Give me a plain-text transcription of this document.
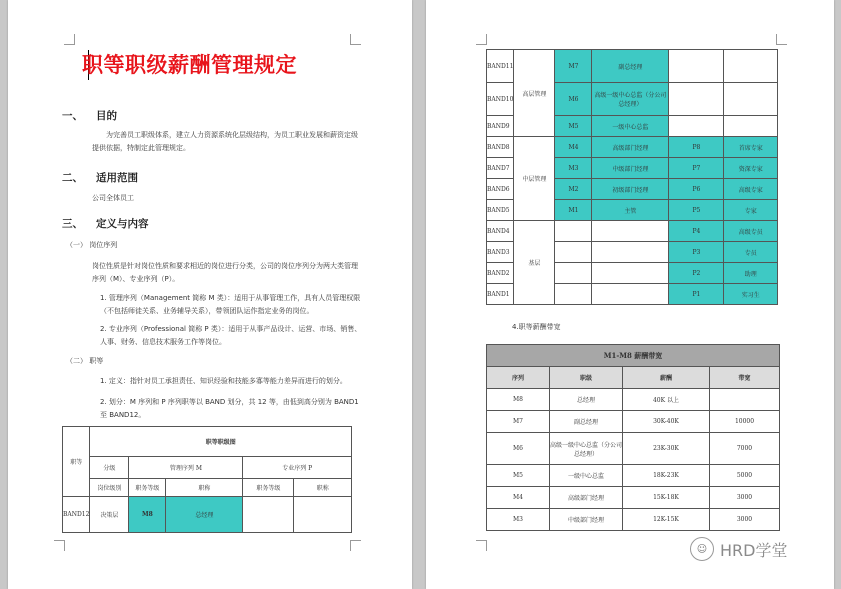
职等职级薪酬管理规定
一、 目的
为完善员工职级体系，建立人力资源系统化层级结构，为员工职业发展和薪资定级提供依据，特制定此管理规定。
二、 适用范围
公司全体员工
三、 定义与内容
（一） 岗位序列
岗位性质是针对岗位性质和要求相近的岗位进行分类，公司的岗位序列分为两大类管理序列（M）、专业序列（P）。
1. 管理序列（Management 简称 M 类）：适用于从事管理工作，具有人员管理权限（不包括师徒关系、业务辅导关系），带领团队运作指定业务的岗位。
2. 专业序列（Professional 简称 P 类）：适用于从事产品设计、运营、市场、销售、人事、财务、信息技术服务工作等岗位。
（二） 职等
1. 定义：指针对员工承担责任、知识经验和技能多寡等能力差异而进行的划分。
2. 划分：M 序列和 P 序列职等以 BAND 划分，共 12 等，由低到高分别为 BAND1 至 BAND12。
职等	职等职级图				
	分级	管理序列 M		专业序列 P	
	岗位级别	职务等级	职称	职务等级	职称
BAND12	决策层	M8	总经理		
BAND11	高层管理	M7	副总经理		
BAND10		M6	高级一级中心总监（分公司总经理）		
BAND9		M5	一级中心总监		
BAND8	中层管理	M4	高级部门经理	P8	首席专家
BAND7		M3	中级部门经理	P7	资深专家
BAND6		M2	初级部门经理	P6	高级专家
BAND5		M1	主管	P5	专家
BAND4	基层			P4	高级专员
BAND3				P3	专员
BAND2				P2	助理
BAND1				P1	实习生
4.职等薪酬带宽
M1-M8 薪酬带宽			
序列	职级	薪酬	带宽
M8	总经理	40K 以上	
M7	副总经理	30K-40K	10000
M6	高级一级中心总监（分公司总经理）	23K-30K	7000
M5	一级中心总监	18K-23K	5000
M4	高级部门经理	15K-18K	3000
M3	中级部门经理	12K-15K	3000
☺ HRD学堂
